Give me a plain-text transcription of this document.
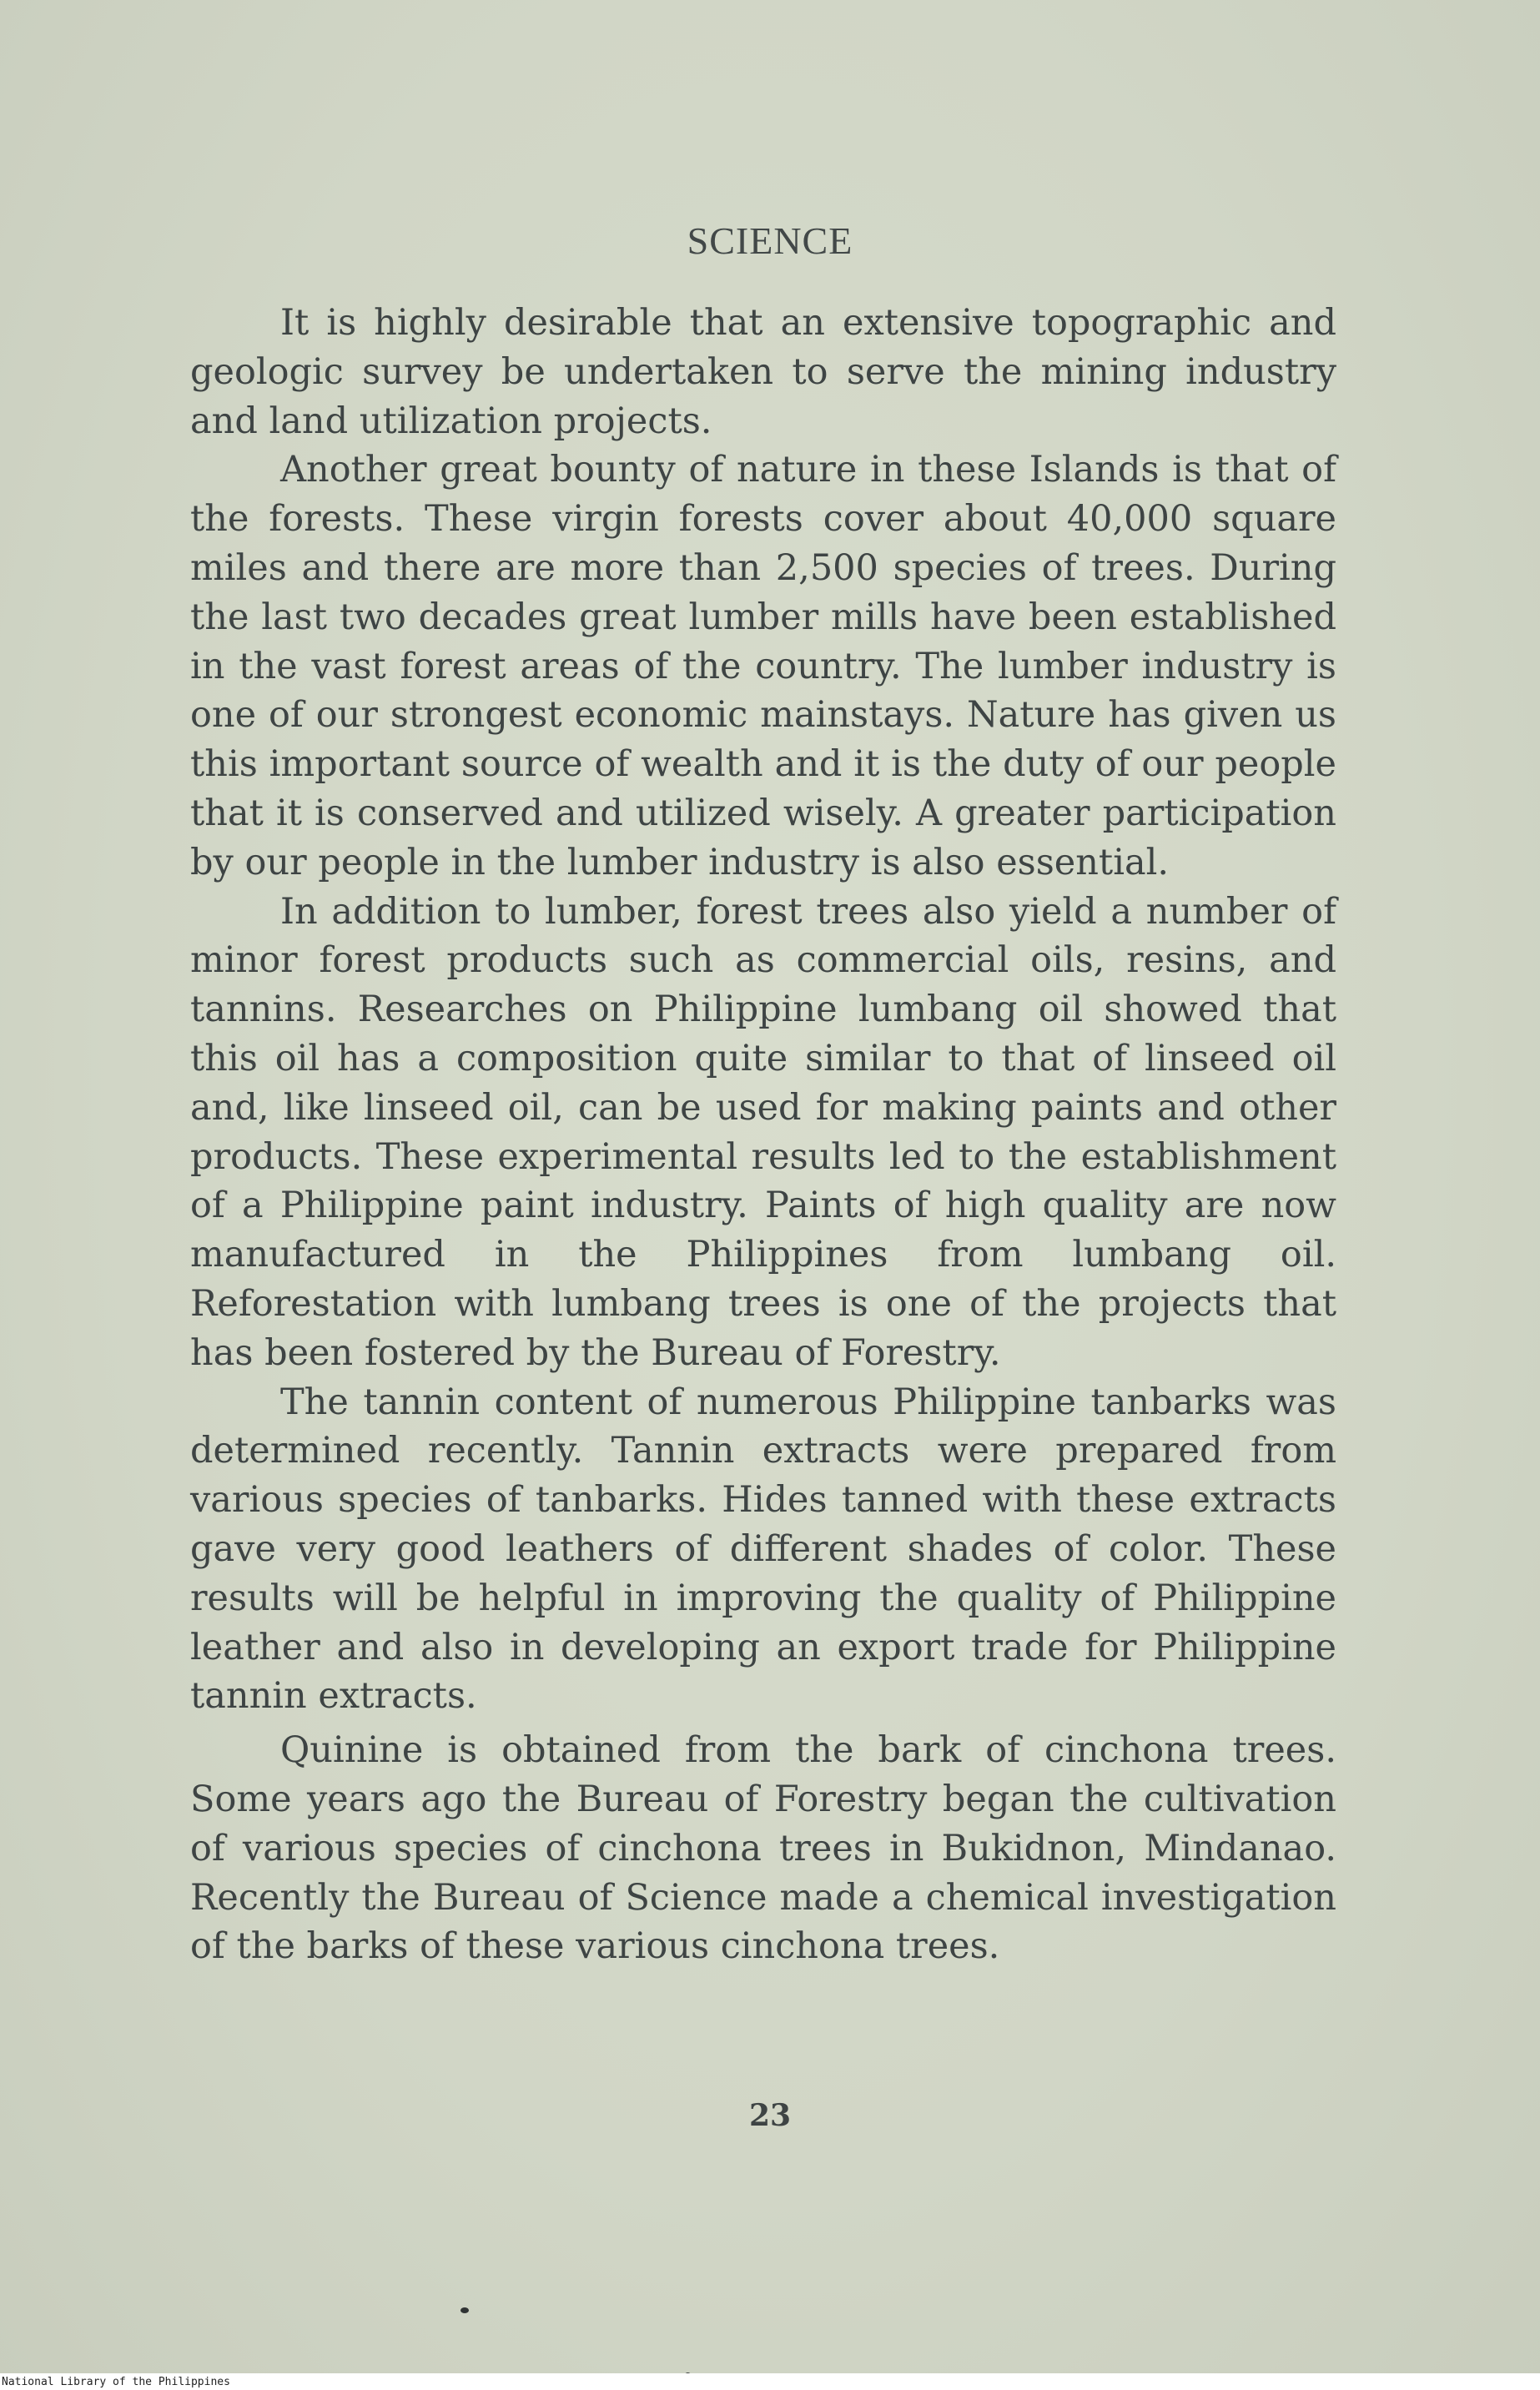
SCIENCE

It is highly desirable that an extensive topographic and geologic survey be undertaken to serve the mining industry and land utilization projects.

Another great bounty of nature in these Islands is that of the forests. These virgin forests cover about 40,000 square miles and there are more than 2,500 species of trees. During the last two decades great lumber mills have been established in the vast forest areas of the country. The lumber industry is one of our strongest economic mainstays. Nature has given us this important source of wealth and it is the duty of our people that it is conserved and utilized wisely. A greater participation by our people in the lumber industry is also essential.

In addition to lumber, forest trees also yield a number of minor forest products such as commercial oils, resins, and tannins. Researches on Philippine lumbang oil showed that this oil has a composition quite similar to that of linseed oil and, like linseed oil, can be used for making paints and other products. These experimental results led to the establishment of a Philippine paint industry. Paints of high quality are now manufactured in the Philippines from lumbang oil. Reforestation with lumbang trees is one of the projects that has been fostered by the Bureau of Forestry.

The tannin content of numerous Philippine tanbarks was determined recently. Tannin extracts were prepared from various species of tanbarks. Hides tanned with these extracts gave very good leathers of different shades of color. These results will be helpful in improving the quality of Philippine leather and also in developing an export trade for Philippine tannin extracts.

Quinine is obtained from the bark of cinchona trees. Some years ago the Bureau of Forestry began the cultivation of various species of cinchona trees in Bukidnon, Mindanao. Recently the Bureau of Science made a chemical investigation of the barks of these various cinchona trees.

23
National Library of the Philippines
